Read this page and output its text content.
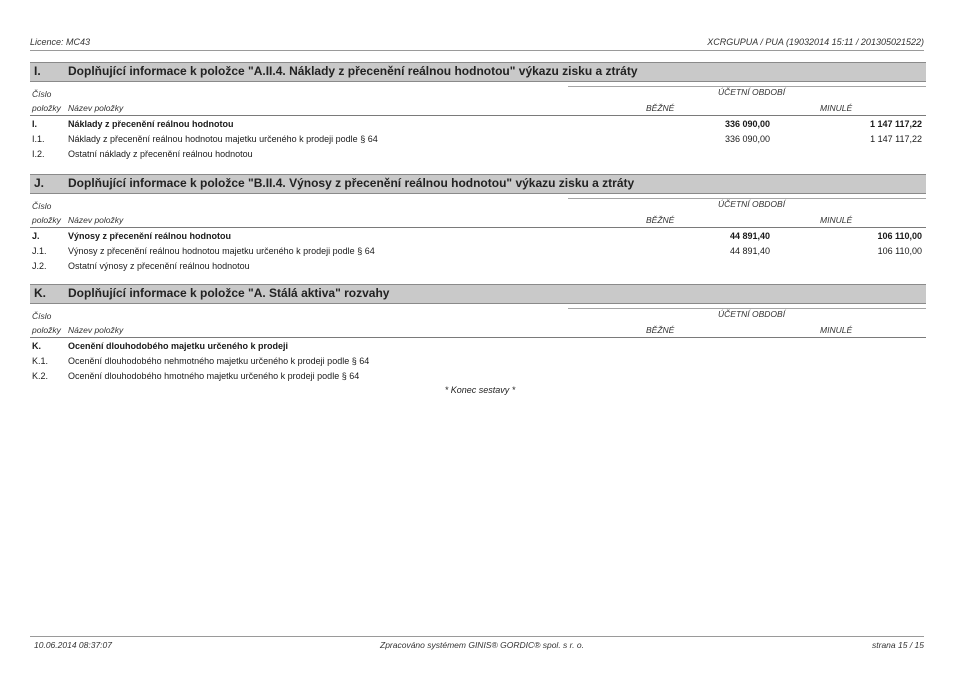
Licence: MC43	XCRGUPUA / PUA (19032014 15:11 / 201305021522)
I. Doplňující informace k položce "A.II.4. Náklady z přecenění reálnou hodnotou" výkazu zisku a ztráty
Číslo
položky Název položky
ÚČETNÍ OBDOBÍ
BĚŽNÉ	MINULÉ
I.	Náklady z přecenění reálnou hodnotou	336 090,00	1 147 117,22
I.1.	Náklady z přecenění reálnou hodnotou majetku určeného k prodeji podle § 64	336 090,00	1 147 117,22
I.2.	Ostatní náklady z přecenění reálnou hodnotou
J. Doplňující informace k položce "B.II.4. Výnosy z přecenění reálnou hodnotou" výkazu zisku a ztráty
Číslo
položky Název položky
ÚČETNÍ OBDOBÍ
BĚŽNÉ	MINULÉ
J.	Výnosy z přecenění reálnou hodnotou	44 891,40	106 110,00
J.1. Výnosy z přecenění reálnou hodnotou majetku určeného k prodeji podle § 64	44 891,40	106 110,00
J.2. Ostatní výnosy z přecenění reálnou hodnotou
K. Doplňující informace k položce "A. Stálá aktiva" rozvahy
Číslo
položky Název položky
ÚČETNÍ OBDOBÍ
BĚŽNÉ	MINULÉ
K.	Ocenění dlouhodobého majetku určeného k prodeji
K.1. Ocenění dlouhodobého nehmotného majetku určeného k prodeji podle § 64
K.2. Ocenění dlouhodobého hmotného majetku určeného k prodeji podle § 64
* Konec sestavy *
10.06.2014 08:37:07	Zpracováno systémem GINIS® GORDIC® spol. s r. o.	strana 15 / 15
